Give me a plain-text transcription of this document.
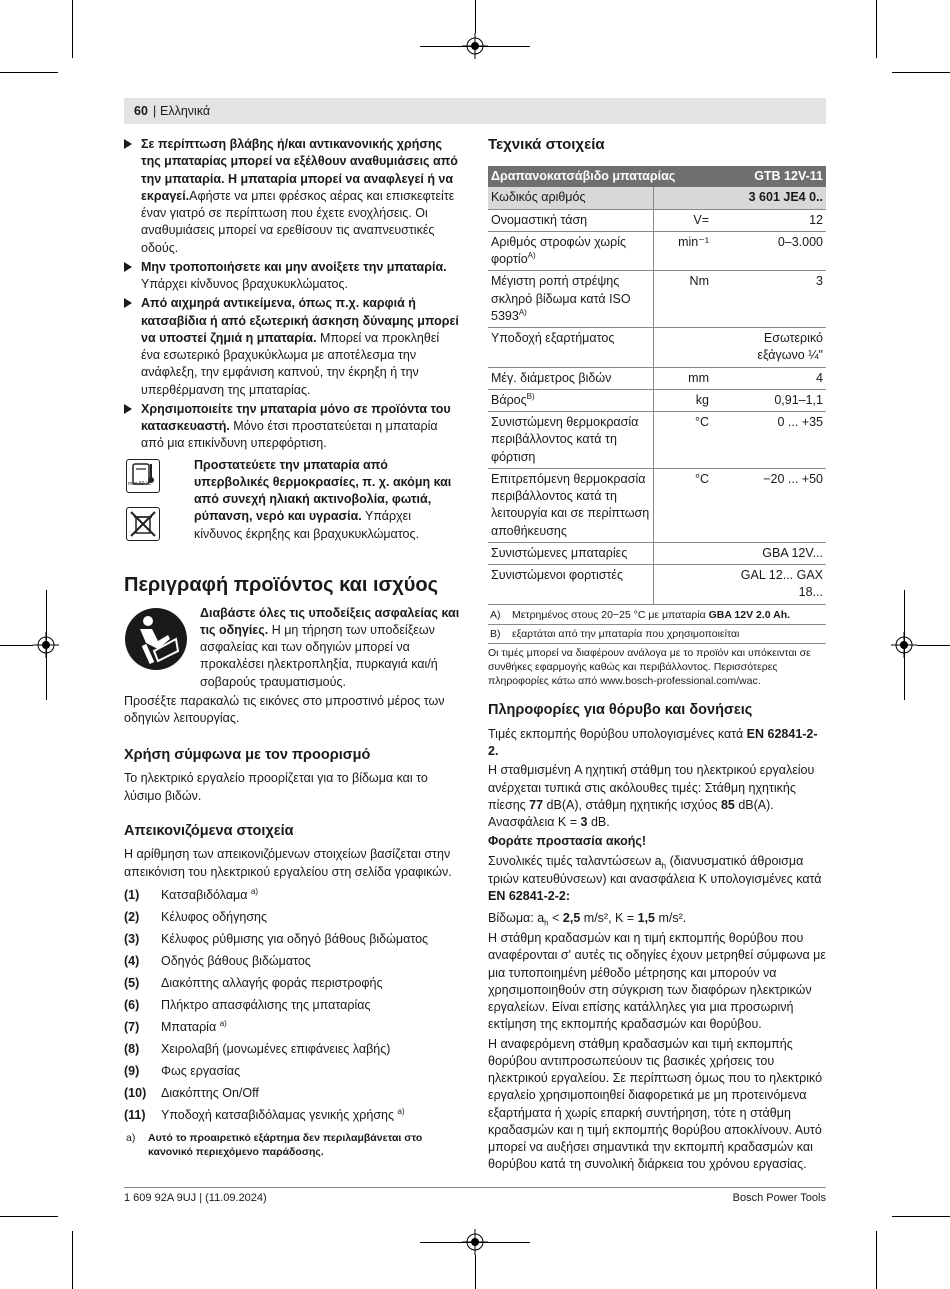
60 | Ελληνικά
Σε περίπτωση βλάβης ή/και αντικανονικής χρήσης της μπαταρίας μπορεί να εξέλθουν αναθυμιάσεις από την μπαταρία. Η μπαταρία μπορεί να αναφλεγεί ή να εκραγεί.Αφήστε να μπει φρέσκος αέρας και επισκεφτείτε έναν γιατρό σε περίπτωση που έχετε ενοχλήσεις. Οι αναθυμιάσεις μπορεί να ερεθίσουν τις αναπνευστικές οδούς.
Μην τροποποιήσετε και μην ανοίξετε την μπαταρία. Υπάρχει κίνδυνος βραχυκυκλώματος.
Από αιχμηρά αντικείμενα, όπως π.χ. καρφιά ή κατσαβίδια ή από εξωτερική άσκηση δύναμης μπορεί να υποστεί ζημιά η μπαταρία. Μπορεί να προκληθεί ένα εσωτερικό βραχυκύκλωμα με αποτέλεσμα την ανάφλεξη, την εμφάνιση καπνού, την έκρηξη ή την υπερθέρμανση της μπαταρίας.
Χρησιμοποιείτε την μπαταρία μόνο σε προϊόντα του κατασκευαστή. Μόνο έτσι προστατεύεται η μπαταρία από μια επικίνδυνη υπερφόρτιση.
max.50 °C
Προστατεύετε την μπαταρία από υπερβολικές θερμοκρασίες, π. χ. ακόμη και από συνεχή ηλιακή ακτινοβολία, φωτιά, ρύπανση, νερό και υγρασία. Υπάρχει κίνδυνος έκρηξης και βραχυκυκλώματος.
Περιγραφή προϊόντος και ισχύος
Διαβάστε όλες τις υποδείξεις ασφαλείας και τις οδηγίες. Η μη τήρηση των υποδείξεων ασφαλείας και των οδηγιών μπορεί να προκαλέσει ηλεκτροπληξία, πυρκαγιά και/ή σοβαρούς τραυματισμούς.

Προσέξτε παρακαλώ τις εικόνες στο μπροστινό μέρος των οδηγιών λειτουργίας.

Χρήση σύμφωνα με τον προορισμό

Το ηλεκτρικό εργαλείο προορίζεται για το βίδωμα και το λύσιμο βιδών.

Απεικονιζόμενα στοιχεία

Η αρίθμηση των απεικονιζόμενων στοιχείων βασίζεται στην απεικόνιση του ηλεκτρικού εργαλείου στη σελίδα γραφικών.

(1) Κατσαβιδόλαμα $^{a)}$
(2) Κέλυφος οδήγησης
(3) Κέλυφος ρύθμισης για οδηγό βάθους βιδώματος
(4) Οδηγός βάθους βιδώματος
(5) Διακόπτης αλλαγής φοράς περιστροφής
(6) Πλήκτρο απασφάλισης της μπαταρίας
(7) Μπαταρία $^{a)}$
(8) Χειρολαβή (μονωμένες επιφάνειες λαβής)
(9) Φως εργασίας
(10) Διακόπτης On/Off
(11) Υποδοχή κατσαβιδόλαμας γενικής χρήσης $^{a)}$
a) Αυτό το προαιρετικό εξάρτημα δεν περιλαμβάνεται στο κανονικό περιεχόμενο παράδοσης.
Τεχνικά στοιχεία
Δραπανοκατσάβιδο μπαταρίας		GTB 12V-11
Κωδικός αριθμός		3 601 JE4 0..
Ονομαστική τάση	V=	12
Αριθμός στροφών χωρίς φορτίο$^{A)}$	min⁻¹	0–3.000
Μέγιστη ροπή στρέψης σκληρό βίδωμα κατά ISO $5393^{A)}$	Nm	3
Υποδοχή εξαρτήματος		Εσωτερικό εξάγωνο ¼"
Μέγ. διάμετρος βιδών	mm	4
Βάρος$^{B)}$	kg	0,91–1,1
Συνιστώμενη θερμοκρασία περιβάλλοντος κατά τη φόρτιση	°C	0 ... +35
Επιτρεπόμενη θερμοκρασία περιβάλλοντος κατά τη λειτουργία και σε περίπτωση αποθήκευσης	°C	−20 ... +50
Συνιστώμενες μπαταρίες		GBA 12V...
Συνιστώμενοι φορτιστές		GAL 12... GAX 18...
A) Μετρημένος στους 20−25 °C με μπαταρία GBA 12V 2.0 Ah.
B) εξαρτάται από την μπαταρία που χρησιμοποιείται

Οι τιμές μπορεί να διαφέρουν ανάλογα με το προϊόν και υπόκεινται σε συνθήκες εφαρμογής καθώς και περιβάλλοντος. Περισσότερες πληροφορίες κάτω από www.bosch-professional.com/wac.

Πληροφορίες για θόρυβο και δονήσεις

Τιμές εκπομπής θορύβου υπολογισμένες κατά EN 62841-2-2.

Η σταθμισμένη A ηχητική στάθμη του ηλεκτρικού εργαλείου ανέρχεται τυπικά στις ακόλουθες τιμές: Στάθμη ηχητικής πίεσης 77 dB(A), στάθμη ηχητικής ισχύος 85 dB(A). Ανασφάλεια K = 3 dB.

Φοράτε προστασία ακοής!

Συνολικές τιμές ταλαντώσεων $a_h$ (διανυσματικό άθροισμα τριών κατευθύνσεων) και ανασφάλεια K υπολογισμένες κατά EN 62841-2-2:

Βίδωμα: $a_h < 2,5$ m/s², K = 1,5 m/s².

Η στάθμη κραδασμών και η τιμή εκπομπής θορύβου που αναφέρονται σ' αυτές τις οδηγίες έχουν μετρηθεί σύμφωνα με μια τυποποιημένη μέθοδο μέτρησης και μπορούν να χρησιμοποιηθούν στη σύγκριση των διαφόρων ηλεκτρικών εργαλείων. Είναι επίσης κατάλληλες για μια προσωρινή εκτίμηση της εκπομπής κραδασμών και θορύβου.

Η αναφερόμενη στάθμη κραδασμών και τιμή εκπομπής θορύβου αντιπροσωπεύουν τις βασικές χρήσεις του ηλεκτρικού εργαλείου. Σε περίπτωση όμως που το ηλεκτρικό εργαλείο χρησιμοποιηθεί διαφορετικά με μη προτεινόμενα εξαρτήματα ή χωρίς επαρκή συντήρηση, τότε η στάθμη κραδασμών και η τιμή εκπομπής θορύβου αποκλίνουν. Αυτό μπορεί να αυξήσει σημαντικά την εκπομπή κραδασμών και θορύβου κατά τη συνολική διάρκεια του χρόνου εργασίας.

1 609 92A 9UJ | (11.09.2024)	Bosch Power Tools
